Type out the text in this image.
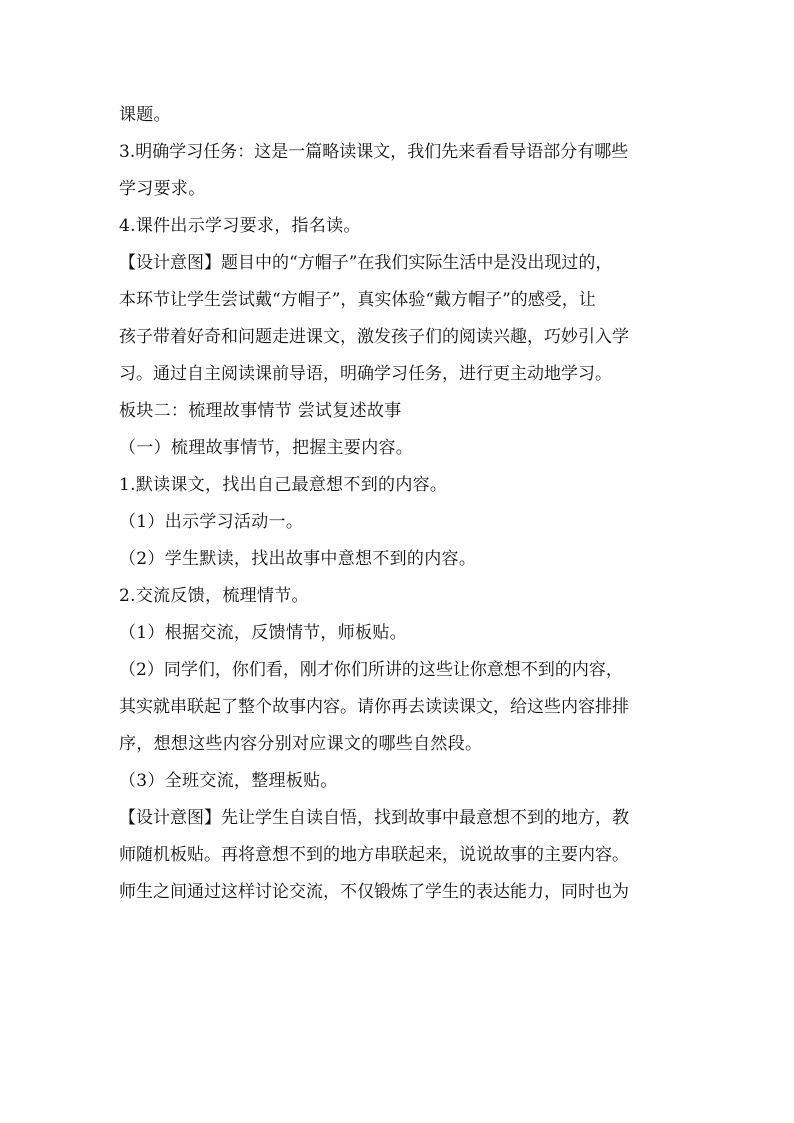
课题。
3.明确学习任务：这是一篇略读课文，我们先来看看导语部分有哪些
学习要求。
4.课件出示学习要求，指名读。
【设计意图】题目中的“方帽子”在我们实际生活中是没出现过的，
本环节让学生尝试戴“方帽子”，真实体验“戴方帽子”的感受，让
孩子带着好奇和问题走进课文，激发孩子们的阅读兴趣，巧妙引入学
习。通过自主阅读课前导语，明确学习任务，进行更主动地学习。
板块二：梳理故事情节 尝试复述故事
（一）梳理故事情节，把握主要内容。
1.默读课文，找出自己最意想不到的内容。
（1）出示学习活动一。
（2）学生默读，找出故事中意想不到的内容。
2.交流反馈，梳理情节。
（1）根据交流，反馈情节，师板贴。
（2）同学们，你们看，刚才你们所讲的这些让你意想不到的内容，
其实就串联起了整个故事内容。请你再去读读课文，给这些内容排排
序，想想这些内容分别对应课文的哪些自然段。
（3）全班交流，整理板贴。
【设计意图】先让学生自读自悟，找到故事中最意想不到的地方，教
师随机板贴。再将意想不到的地方串联起来，说说故事的主要内容。
师生之间通过这样讨论交流，不仅锻炼了学生的表达能力，同时也为
